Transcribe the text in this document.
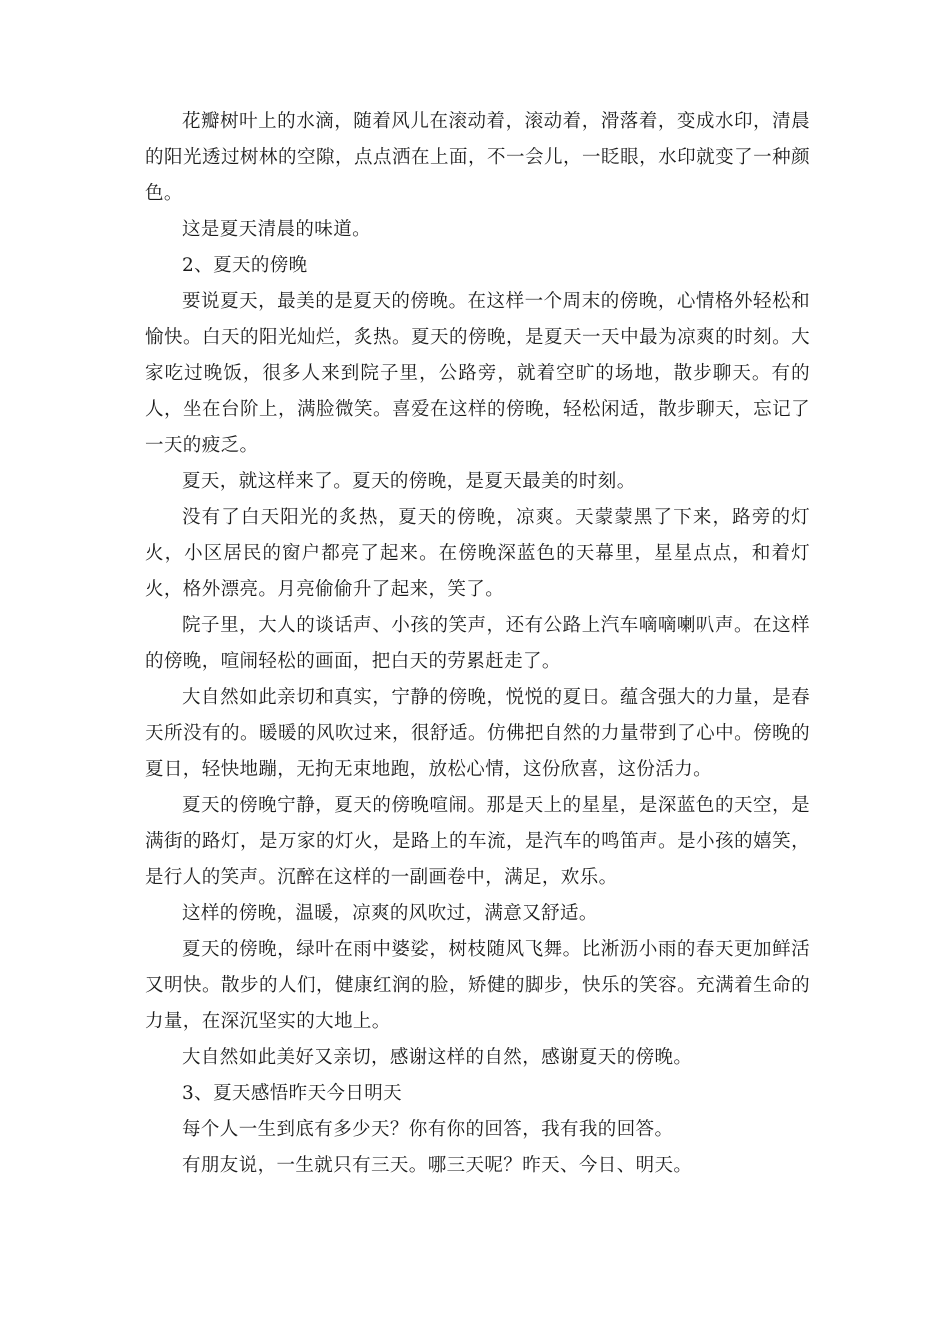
花瓣树叶上的水滴，随着风儿在滚动着，滚动着，滑落着，变成水印，清晨的阳光透过树林的空隙，点点洒在上面，不一会儿，一眨眼，水印就变了一种颜色。

这是夏天清晨的味道。

2、夏天的傍晚

要说夏天，最美的是夏天的傍晚。在这样一个周末的傍晚，心情格外轻松和愉快。白天的阳光灿烂，炙热。夏天的傍晚，是夏天一天中最为凉爽的时刻。大家吃过晚饭，很多人来到院子里，公路旁，就着空旷的场地，散步聊天。有的人，坐在台阶上，满脸微笑。喜爱在这样的傍晚，轻松闲适，散步聊天，忘记了一天的疲乏。

夏天，就这样来了。夏天的傍晚，是夏天最美的时刻。

没有了白天阳光的炙热，夏天的傍晚，凉爽。天蒙蒙黑了下来，路旁的灯火，小区居民的窗户都亮了起来。在傍晚深蓝色的天幕里，星星点点，和着灯火，格外漂亮。月亮偷偷升了起来，笑了。

院子里，大人的谈话声、小孩的笑声，还有公路上汽车嘀嘀喇叭声。在这样的傍晚，喧闹轻松的画面，把白天的劳累赶走了。

大自然如此亲切和真实，宁静的傍晚，悦悦的夏日。蕴含强大的力量，是春天所没有的。暖暖的风吹过来，很舒适。仿佛把自然的力量带到了心中。傍晚的夏日，轻快地蹦，无拘无束地跑，放松心情，这份欣喜，这份活力。

夏天的傍晚宁静，夏天的傍晚喧闹。那是天上的星星，是深蓝色的天空，是满街的路灯，是万家的灯火，是路上的车流，是汽车的鸣笛声。是小孩的嬉笑，是行人的笑声。沉醉在这样的一副画卷中，满足，欢乐。

这样的傍晚，温暖，凉爽的风吹过，满意又舒适。

夏天的傍晚，绿叶在雨中婆娑，树枝随风飞舞。比淅沥小雨的春天更加鲜活又明快。散步的人们，健康红润的脸，矫健的脚步，快乐的笑容。充满着生命的力量，在深沉坚实的大地上。

大自然如此美好又亲切，感谢这样的自然，感谢夏天的傍晚。

3、夏天感悟昨天今日明天

每个人一生到底有多少天？你有你的回答，我有我的回答。

有朋友说，一生就只有三天。哪三天呢？昨天、今日、明天。
